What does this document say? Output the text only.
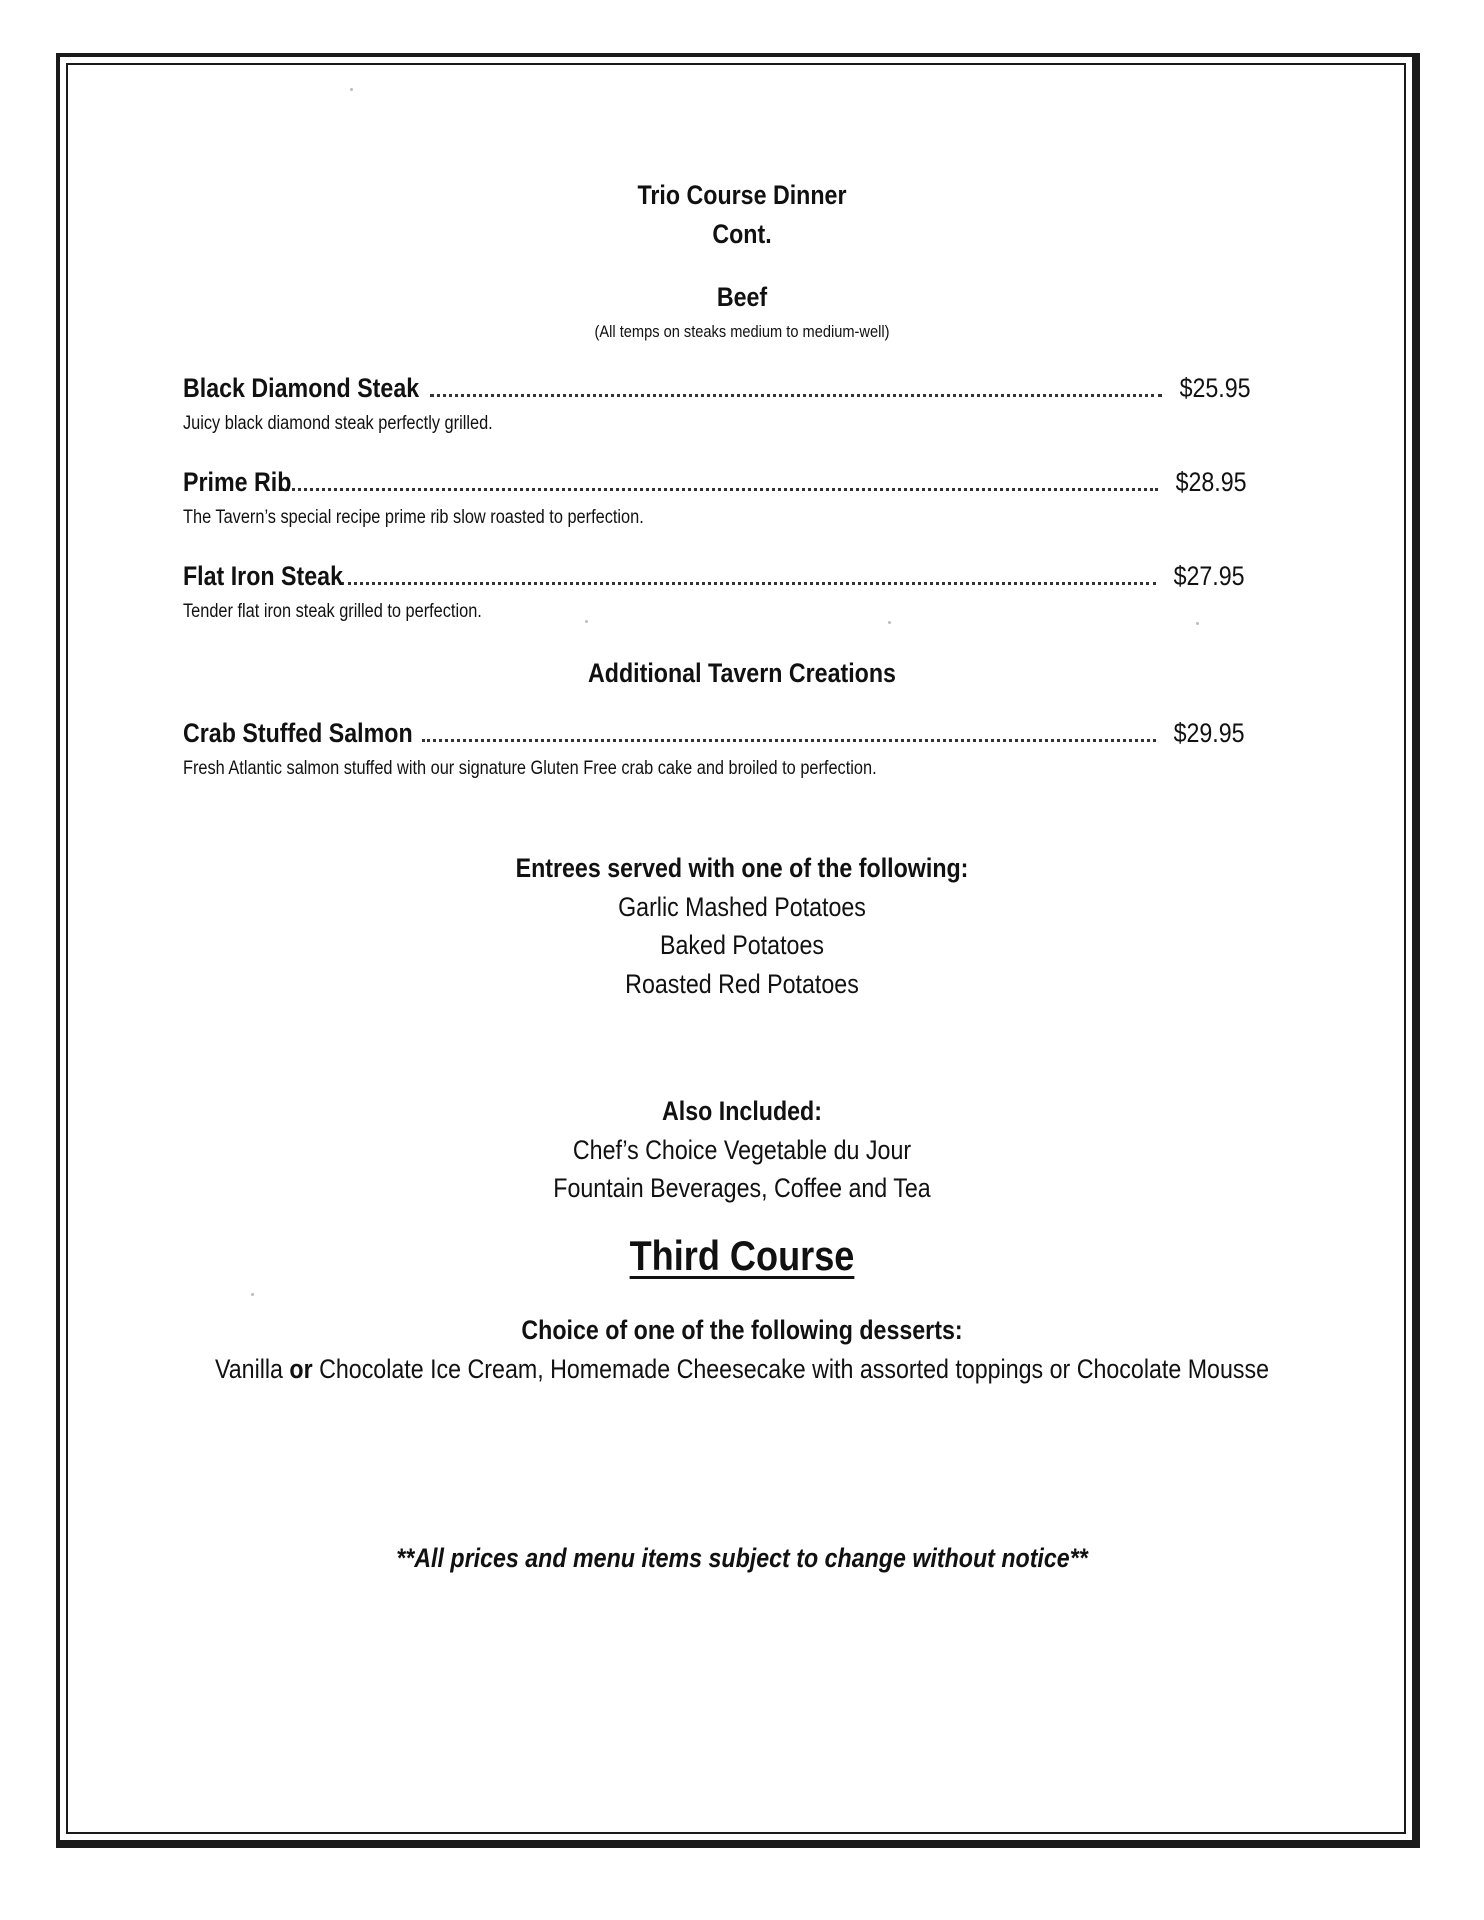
Trio Course Dinner
Cont.
Beef
(All temps on steaks medium to medium-well)
Black Diamond Steak	$25.95
Juicy black diamond steak perfectly grilled.
Prime Rib	$28.95
The Tavern’s special recipe prime rib slow roasted to perfection.
Flat Iron Steak	$27.95
Tender flat iron steak grilled to perfection.
Additional Tavern Creations
Crab Stuffed Salmon	$29.95
Fresh Atlantic salmon stuffed with our signature Gluten Free crab cake and broiled to perfection.
Entrees served with one of the following:
Garlic Mashed Potatoes
Baked Potatoes
Roasted Red Potatoes
Also Included:
Chef’s Choice Vegetable du Jour
Fountain Beverages, Coffee and Tea
Third Course
Choice of one of the following desserts:
Vanilla or Chocolate Ice Cream, Homemade Cheesecake with assorted toppings or Chocolate Mousse
**All prices and menu items subject to change without notice**
